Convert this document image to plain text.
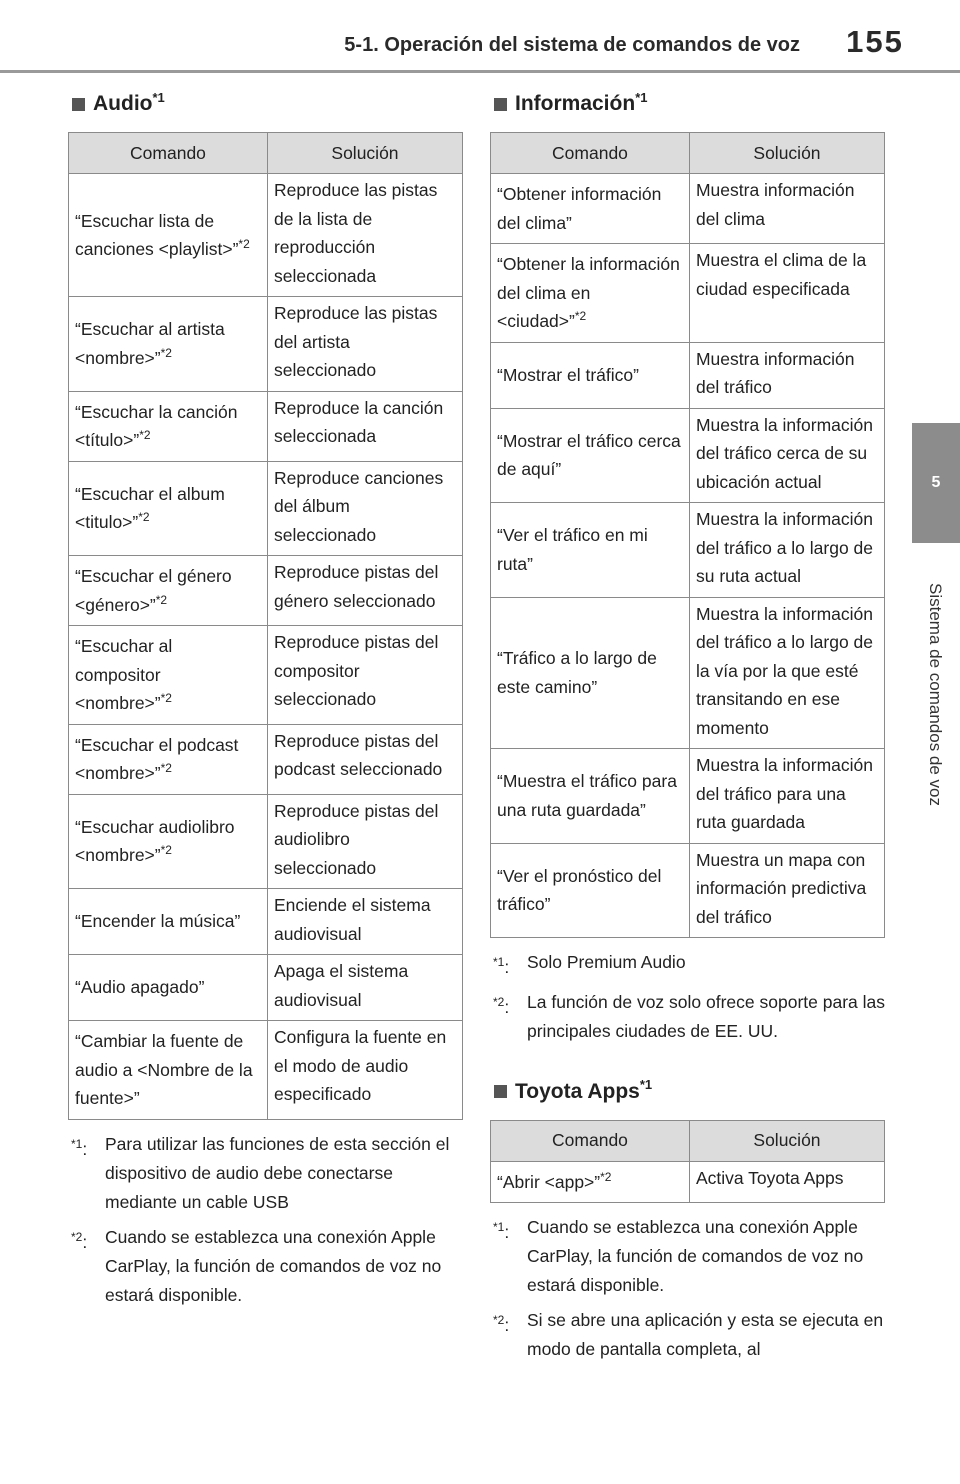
5-1. Operación del sistema de comandos de voz 155
5
Sistema de comandos de voz
Audio$^{*1}$
Comando	Solución
“Escuchar lista de canciones <playlist>”$^{*2}$	Reproduce las pistas de la lista de reproducción seleccionada
“Escuchar al artista <nombre>”$^{*2}$	Reproduce las pistas del artista seleccionado
“Escuchar la canción <título>”$^{*2}$	Reproduce la canción seleccionada
“Escuchar el album <titulo>”$^{*2}$	Reproduce canciones del álbum seleccionado
“Escuchar el género <género>”$^{*2}$	Reproduce pistas del género seleccionado
“Escuchar al compositor <nombre>”$^{*2}$	Reproduce pistas del compositor seleccionado
“Escuchar el podcast <nombre>”$^{*2}$	Reproduce pistas del podcast seleccionado
“Escuchar audiolibro <nombre>”$^{*2}$	Reproduce pistas del audiolibro seleccionado
“Encender la música”	Enciende el sistema audiovisual
“Audio apagado”	Apaga el sistema audiovisual
“Cambiar la fuente de audio a <Nombre de la fuente>”	Configura la fuente en el modo de audio especificado
$^{*1}$:	Para utilizar las funciones de esta sección el dispositivo de audio debe conectarse mediante un cable USB
$^{*2}$:	Cuando se establezca una conexión Apple CarPlay, la función de comandos de voz no estará disponible.
Información$^{*1}$
Comando	Solución
“Obtener información del clima”	Muestra información del clima
“Obtener la información del clima en <ciudad>”$^{*2}$	Muestra el clima de la ciudad especificada
“Mostrar el tráfico”	Muestra información del tráfico
“Mostrar el tráfico cerca de aquí”	Muestra la información del tráfico cerca de su ubicación actual
“Ver el tráfico en mi ruta”	Muestra la información del tráfico a lo largo de su ruta actual
“Tráfico a lo largo de este camino”	Muestra la información del tráfico a lo largo de la vía por la que esté transitando en ese momento
“Muestra el tráfico para una ruta guardada”	Muestra la información del tráfico para una ruta guardada
“Ver el pronóstico del tráfico”	Muestra un mapa con información predictiva del tráfico
$^{*1}$:	Solo Premium Audio
$^{*2}$:	La función de voz solo ofrece soporte para las principales ciudades de EE. UU.
Toyota Apps$^{*1}$
Comando	Solución
“Abrir <app>”$^{*2}$	Activa Toyota Apps
$^{*1}$:	Cuando se establezca una conexión Apple CarPlay, la función de comandos de voz no estará disponible.
$^{*2}$:	Si se abre una aplicación y esta se ejecuta en modo de pantalla completa, al
